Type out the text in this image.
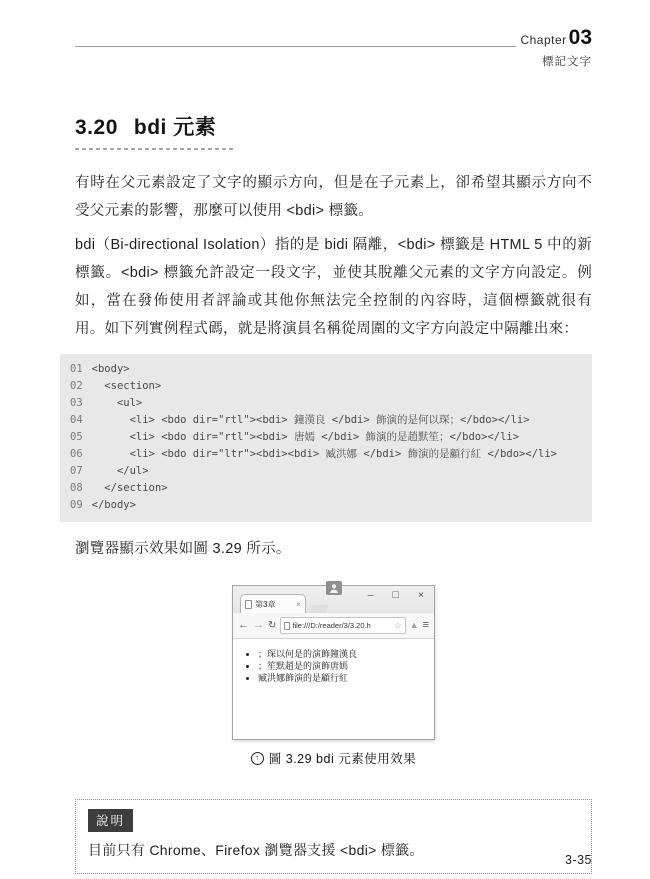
Chapter03
標記文字
3.20 bdi 元素

有時在父元素設定了文字的顯示方向，但是在子元素上，卻希望其顯示方向不受父元素的影響，那麼可以使用 <bdi> 標籤。

bdi（Bi-directional Isolation）指的是 bidi 隔離，<bdi> 標籤是 HTML 5 中的新標籤。<bdi> 標籤允許設定一段文字，並使其脫離父元素的文字方向設定。例如，當在發佈使用者評論或其他你無法完全控制的內容時，這個標籤就很有用。如下列實例程式碼，就是將演員名稱從周圍的文字方向設定中隔離出來：

01 <body>
02  <section>
03    <ul>
04      <li> <bdo dir="rtl"><bdi> 鐘漢良 </bdi> 飾演的是何以琛；</bdo></li>
05      <li> <bdo dir="rtl"><bdi> 唐嫣 </bdi> 飾演的是趙默笙；</bdo></li>
06      <li> <bdo dir="ltr"><bdi><bdi> 臧洪娜 </bdi> 飾演的是顧行紅 </bdo></li>
07    </ul>
08  </section>
09 </body>

瀏覽器顯示效果如圖 3.29 所示。

第3章 ×
– □ ×
← → ↻ file:///D:/reader/3/3.20.h	☆ ▲ ≡
• ；琛以何是的演飾鐘漢良
• ；笙默趙是的演飾唐嫣
• 臧洪娜飾演的是顧行紅
↑ 圖 3.29 bdi 元素使用效果
說明

目前只有 Chrome、Firefox 瀏覽器支援 <bdi> 標籤。

3-35
